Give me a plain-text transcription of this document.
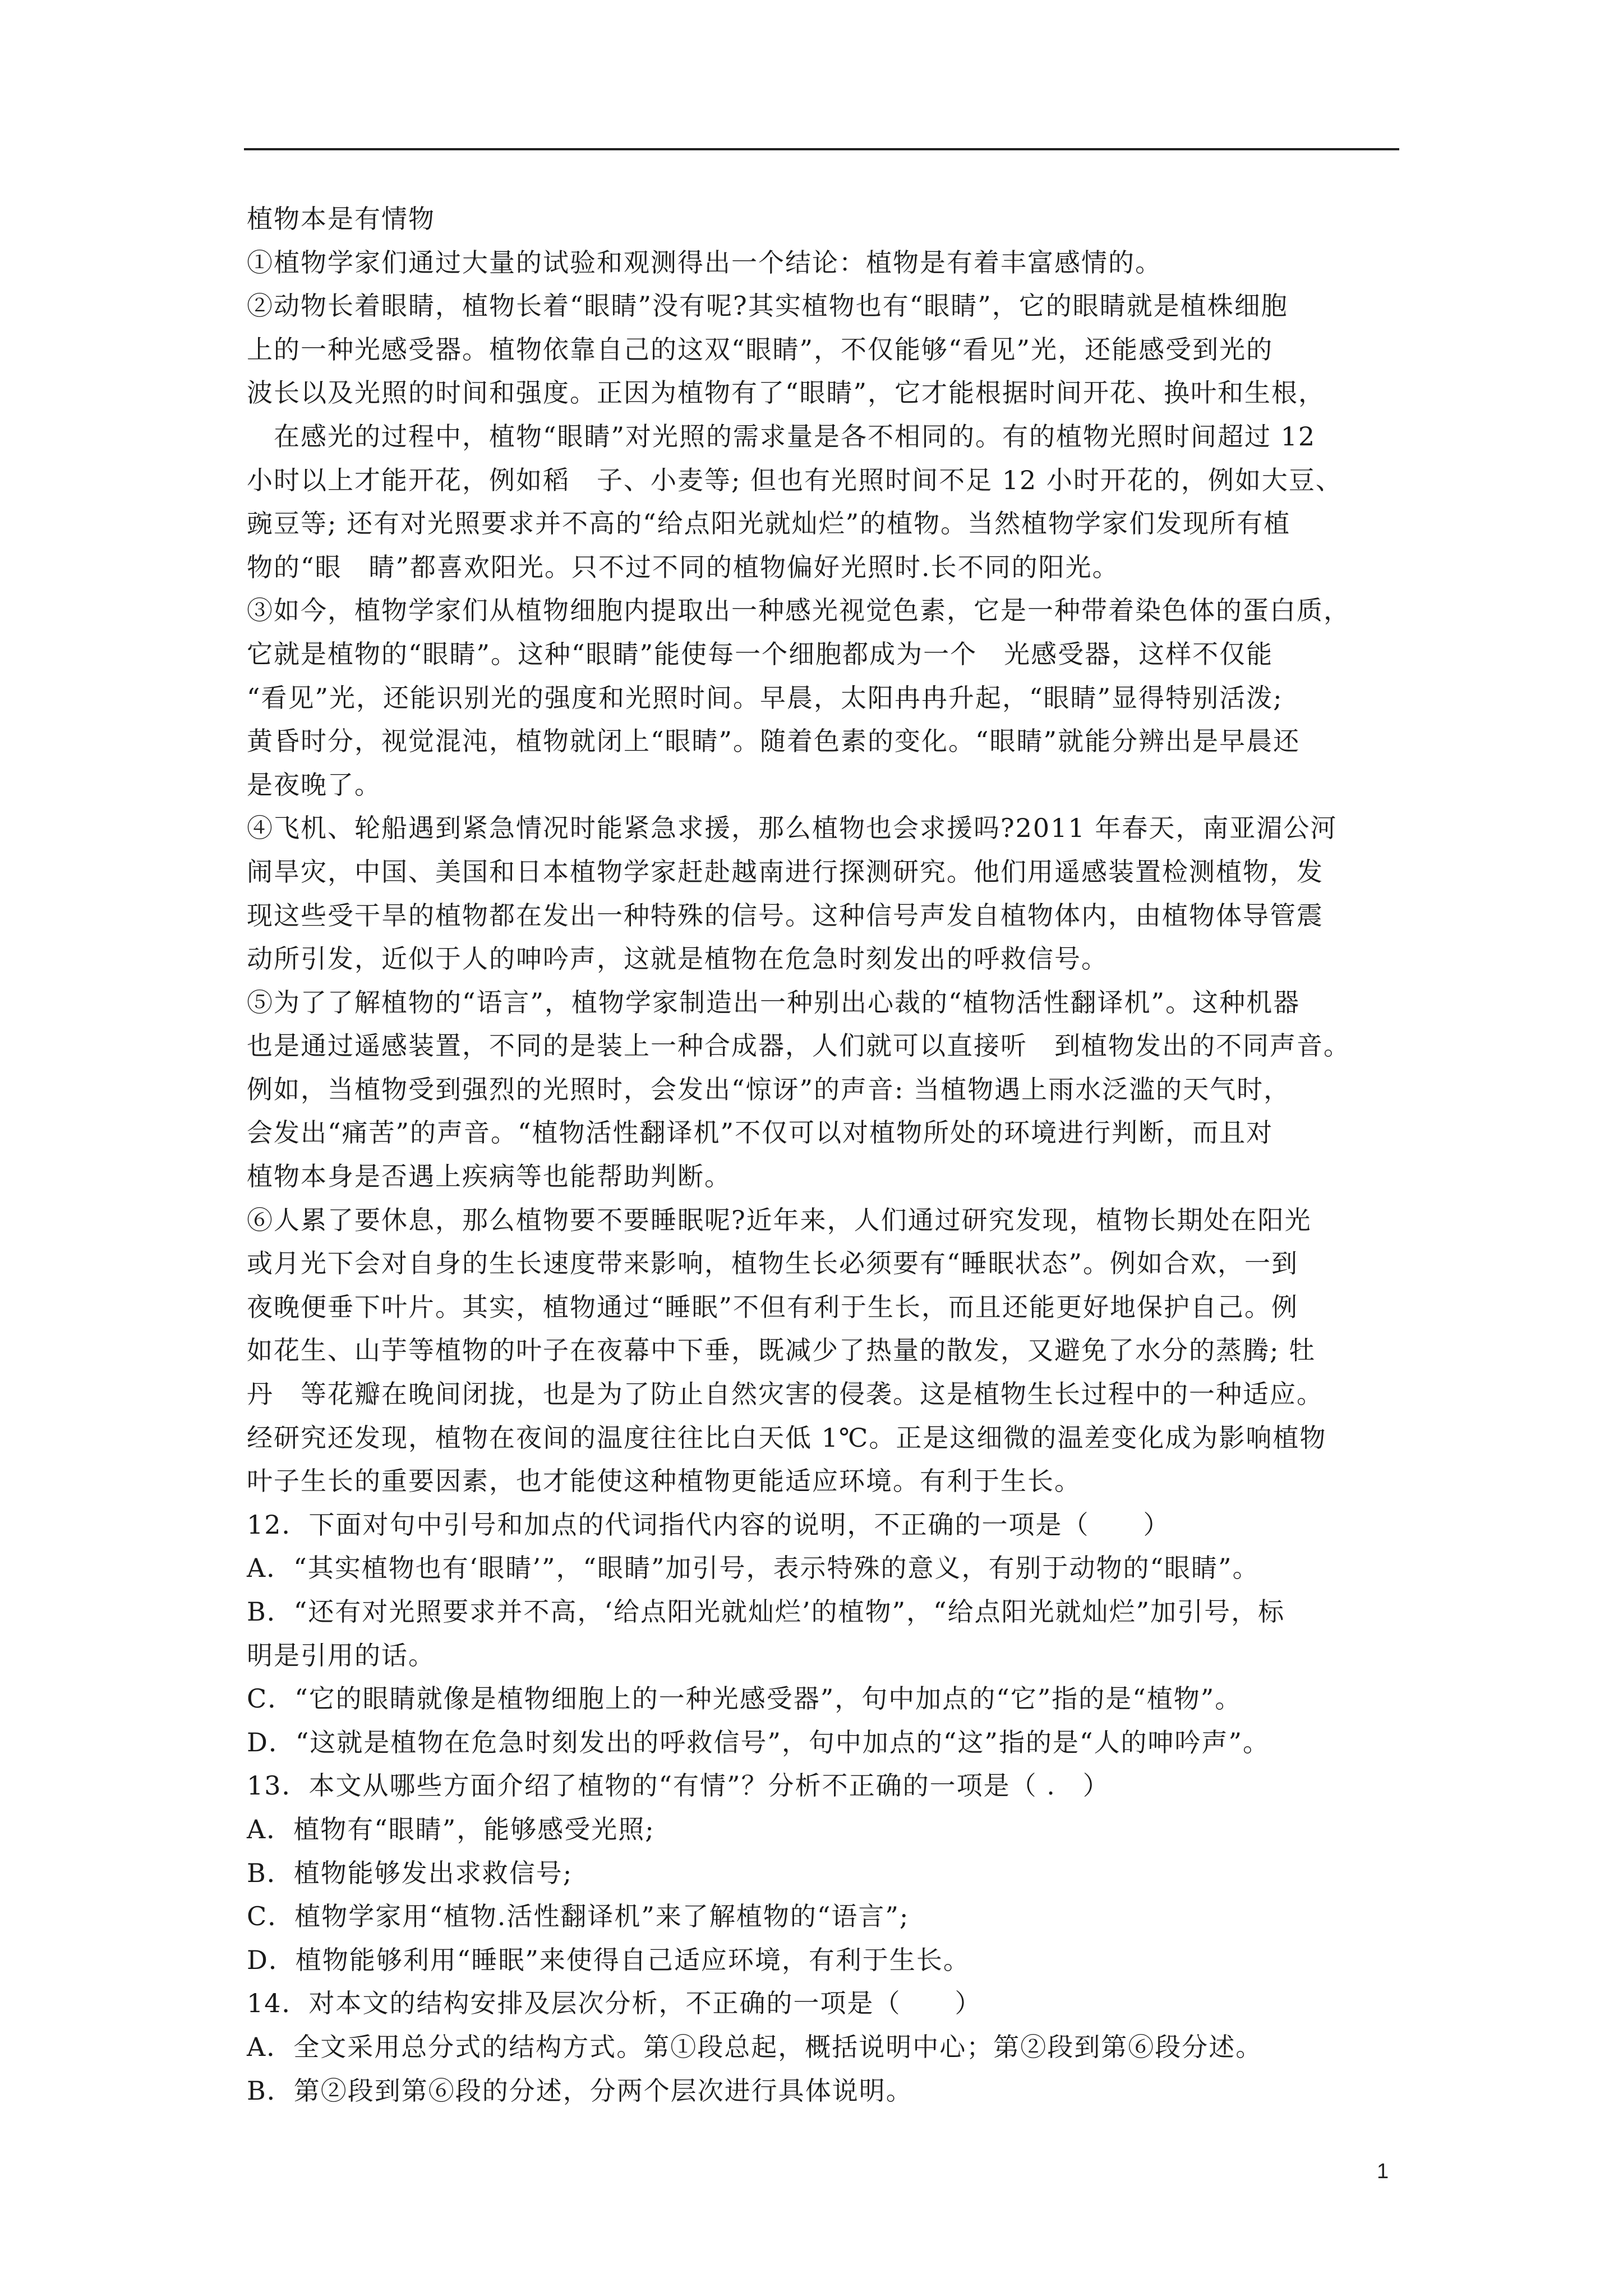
植物本是有情物
①植物学家们通过大量的试验和观测得出一个结论：植物是有着丰富感情的。
②动物长着眼睛，植物长着“眼睛”没有呢?其实植物也有“眼睛”，它的眼睛就是植株细胞
上的一种光感受器。植物依靠自己的这双“眼睛”，不仅能够“看见”光，还能感受到光的
波长以及光照的时间和强度。正因为植物有了“眼睛”，它才能根据时间开花、换叶和生根，
　在感光的过程中，植物“眼睛”对光照的需求量是各不相同的。有的植物光照时间超过 12
小时以上才能开花，例如稻　子、小麦等; 但也有光照时间不足 12 小时开花的，例如大豆、
豌豆等; 还有对光照要求并不高的“给点阳光就灿烂”的植物。当然植物学家们发现所有植
物的“眼　睛”都喜欢阳光。只不过不同的植物偏好光照时.长不同的阳光。
③如今，植物学家们从植物细胞内提取出一种感光视觉色素，它是一种带着染色体的蛋白质，
它就是植物的“眼睛”。这种“眼睛”能使每一个细胞都成为一个　光感受器，这样不仅能
“看见”光，还能识别光的强度和光照时间。早晨，太阳冉冉升起，“眼睛”显得特别活泼;
黄昏时分，视觉混沌，植物就闭上“眼睛”。随着色素的变化。“眼睛”就能分辨出是早晨还
是夜晚了。
④飞机、轮船遇到紧急情况时能紧急求援，那么植物也会求援吗?2011 年春天，南亚湄公河
闹旱灾，中国、美国和日本植物学家赶赴越南进行探测研究。他们用遥感装置检测植物，发
现这些受干旱的植物都在发出一种特殊的信号。这种信号声发自植物体内，由植物体导管震
动所引发，近似于人的呻吟声，这就是植物在危急时刻发出的呼救信号。
⑤为了了解植物的“语言”，植物学家制造出一种别出心裁的“植物活性翻译机”。这种机器
也是通过遥感装置，不同的是装上一种合成器，人们就可以直接听　到植物发出的不同声音。
例如，当植物受到强烈的光照时，会发出“惊讶”的声音: 当植物遇上雨水泛滥的天气时，
会发出“痛苦”的声音。“植物活性翻译机”不仅可以对植物所处的环境进行判断，而且对
植物本身是否遇上疾病等也能帮助判断。
⑥人累了要休息，那么植物要不要睡眠呢?近年来，人们通过研究发现，植物长期处在阳光
或月光下会对自身的生长速度带来影响，植物生长必须要有“睡眠状态”。例如合欢，一到
夜晚便垂下叶片。其实，植物通过“睡眠”不但有利于生长，而且还能更好地保护自己。例
如花生、山芋等植物的叶子在夜幕中下垂，既减少了热量的散发，又避免了水分的蒸腾; 牡
丹　等花瓣在晚间闭拢，也是为了防止自然灾害的侵袭。这是植物生长过程中的一种适应。
经研究还发现，植物在夜间的温度往往比白天低 1℃。正是这细微的温差变化成为影响植物
叶子生长的重要因素，也才能使这种植物更能适应环境。有利于生长。
12．下面对句中引号和加点的代词指代内容的说明，不正确的一项是（　　）
A．“其实植物也有‘眼睛’”，“眼睛”加引号，表示特殊的意义，有别于动物的“眼睛”。
B．“还有对光照要求并不高，‘给点阳光就灿烂’的植物”，“给点阳光就灿烂”加引号，标
明是引用的话。
C．“它的眼睛就像是植物细胞上的一种光感受器”，句中加点的“它”指的是“植物”。
D．“这就是植物在危急时刻发出的呼救信号”，句中加点的“这”指的是“人的呻吟声”。
13．本文从哪些方面介绍了植物的“有情”？分析不正确的一项是（ .　）
A．植物有“眼睛”，能够感受光照;
B．植物能够发出求救信号;
C．植物学家用“植物.活性翻译机”来了解植物的“语言”;
D．植物能够利用“睡眠”来使得自己适应环境，有利于生长。
14．对本文的结构安排及层次分析，不正确的一项是（　　）
A．全文采用总分式的结构方式。第①段总起，概括说明中心；第②段到第⑥段分述。
B．第②段到第⑥段的分述，分两个层次进行具体说明。
1
